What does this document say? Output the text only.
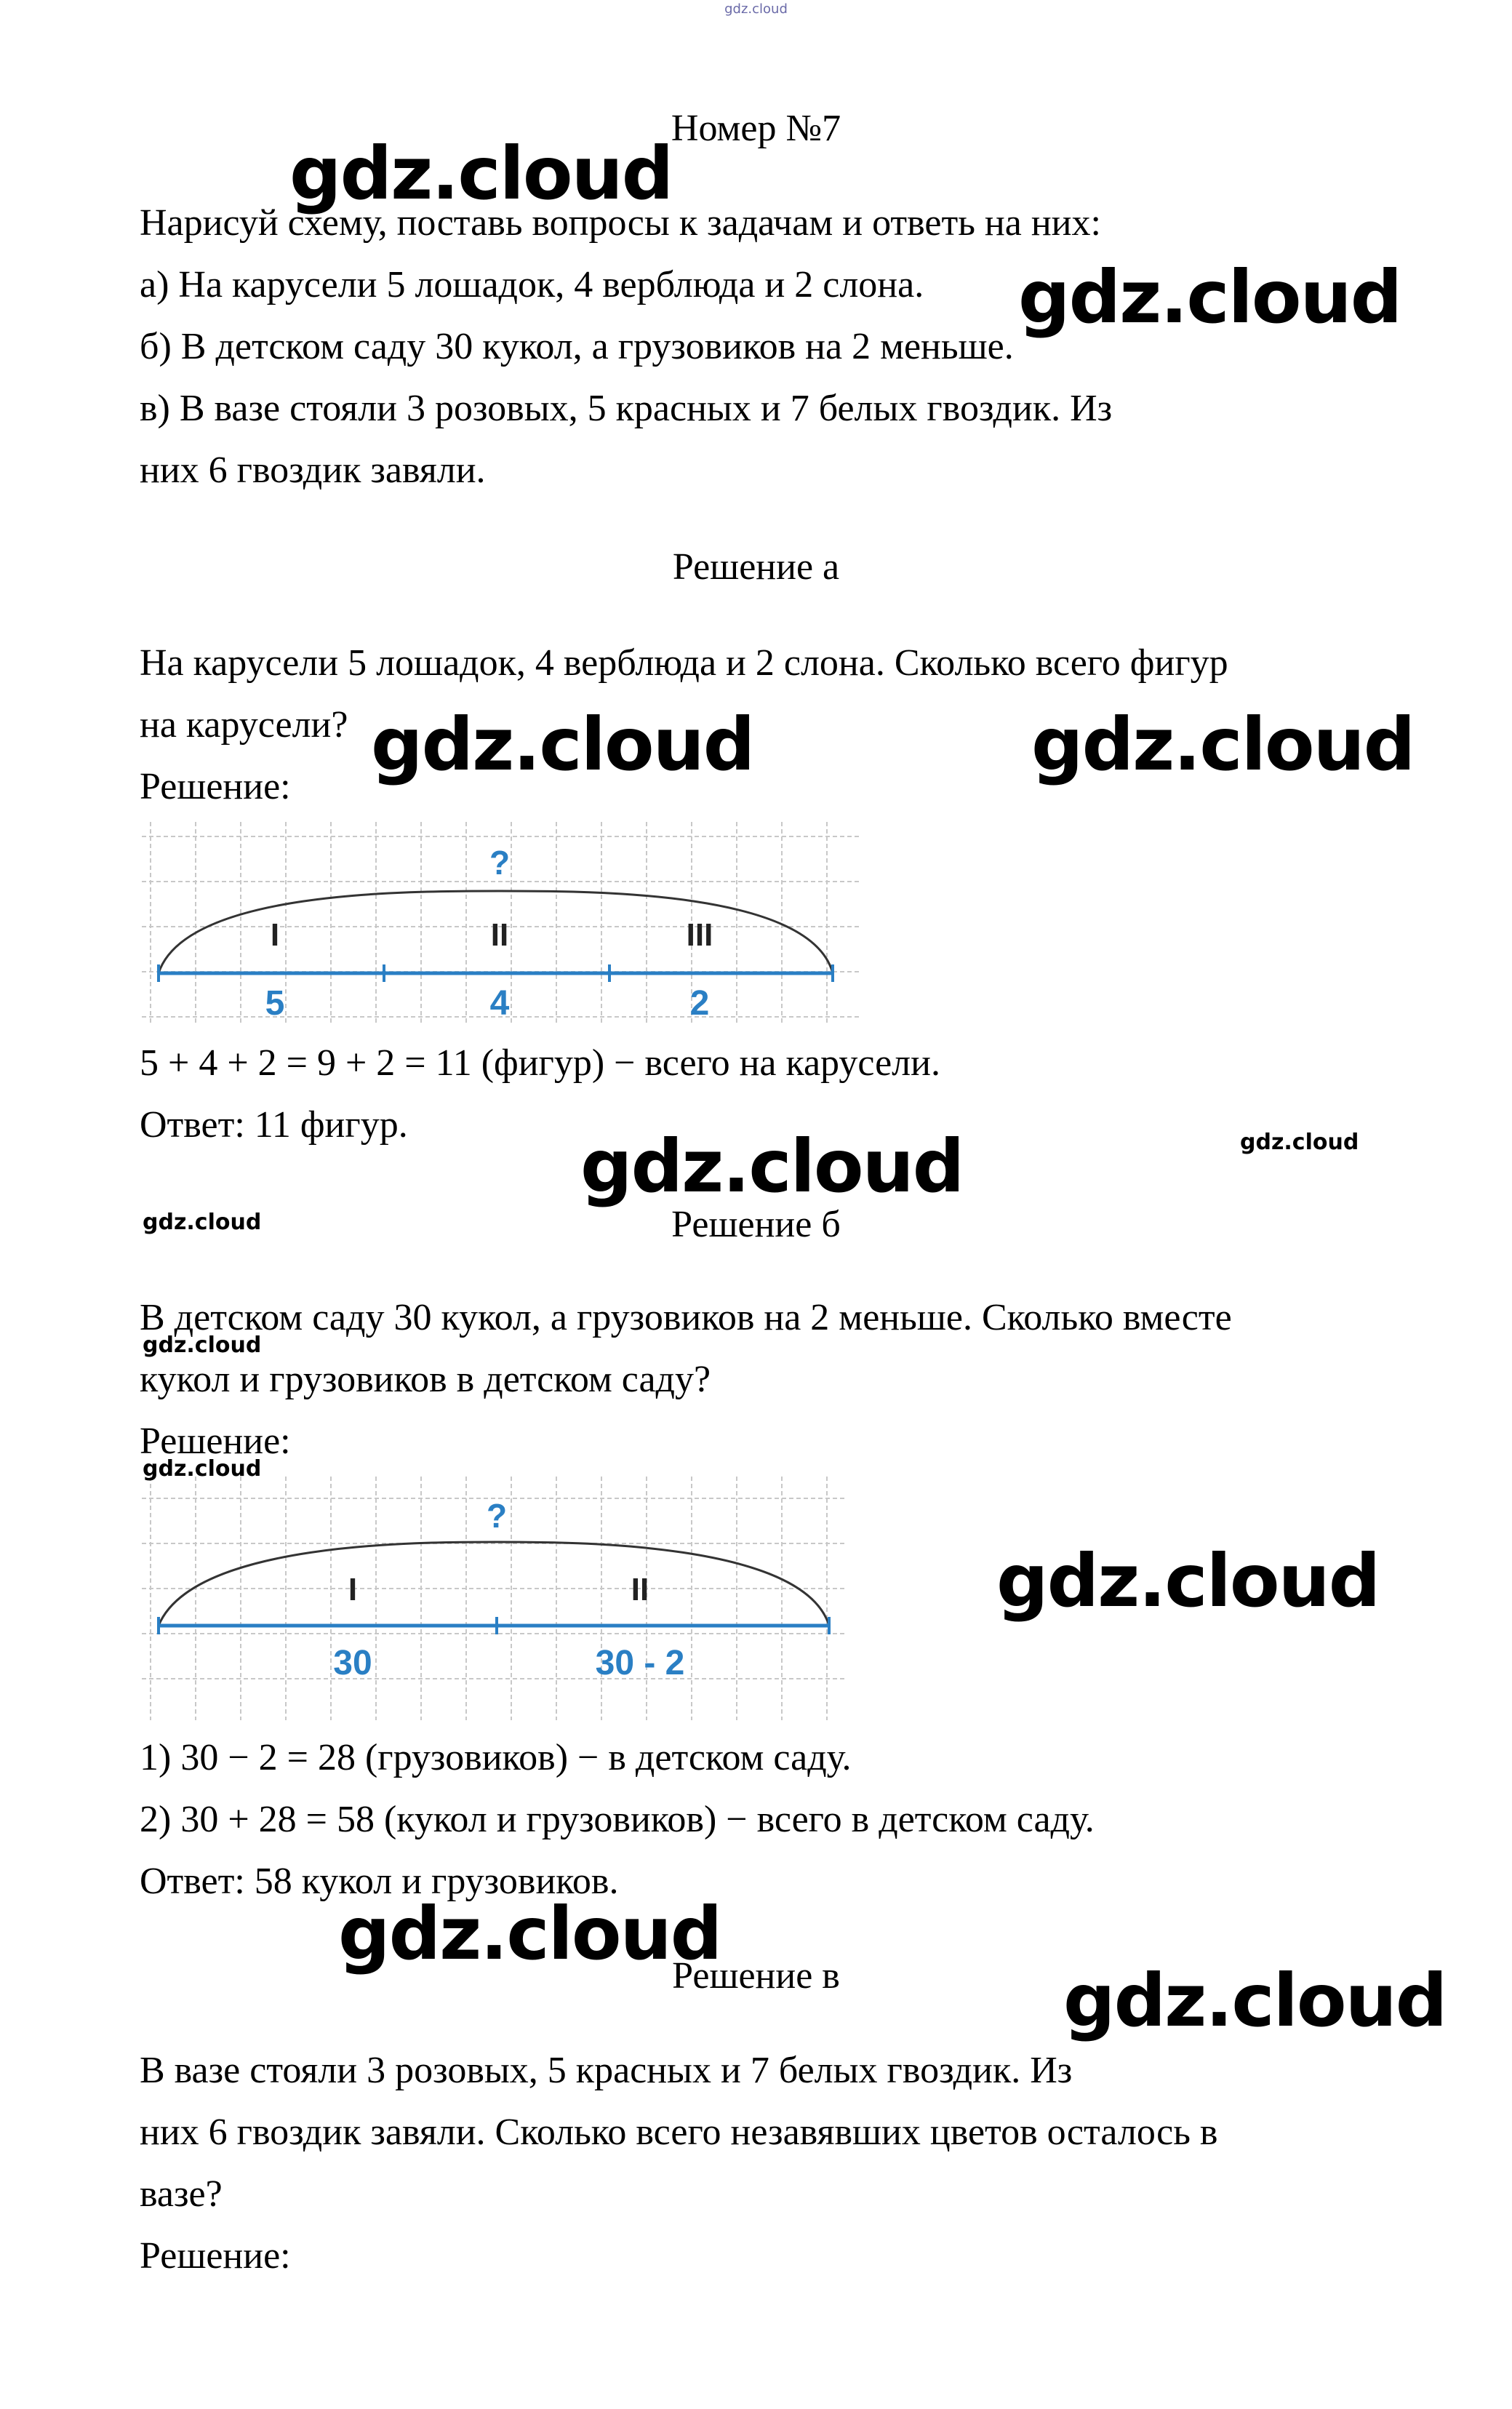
gdz.cloud
Номер №7
Нарисуй схему, поставь вопросы к задачам и ответь на них:
а) На карусели 5 лошадок, 4 верблюда и 2 слона.
б) В детском саду 30 кукол, а грузовиков на 2 меньше.
в) В вазе стояли 3 розовых, 5 красных и 7 белых гвоздик. Из
них 6 гвоздик завяли.
Решение а
На карусели 5 лошадок, 4 верблюда и 2 слона. Сколько всего фигур
на карусели?
Решение:
?
I	II	III
5	4	2
5 + 4 + 2 = 9 + 2 = 11 (фигур) − всего на карусели.
Ответ: 11 фигур.
Решение б
В детском саду 30 кукол, а грузовиков на 2 меньше. Сколько вместе
кукол и грузовиков в детском саду?
Решение:
?
I	II
30	30 - 2
1) 30 − 2 = 28 (грузовиков) − в детском саду.
2) 30 + 28 = 58 (кукол и грузовиков) − всего в детском саду.
Ответ: 58 кукол и грузовиков.
Решение в
В вазе стояли 3 розовых, 5 красных и 7 белых гвоздик. Из
них 6 гвоздик завяли. Сколько всего незавявших цветов осталось в
вазе?
Решение:
gdz.cloud
gdz.cloud
gdz.cloud	gdz.cloud
gdz.cloud
gdz.cloud
gdz.cloud
gdz.cloud
gdz.cloud
gdz.cloud
gdz.cloud
gdz.cloud
